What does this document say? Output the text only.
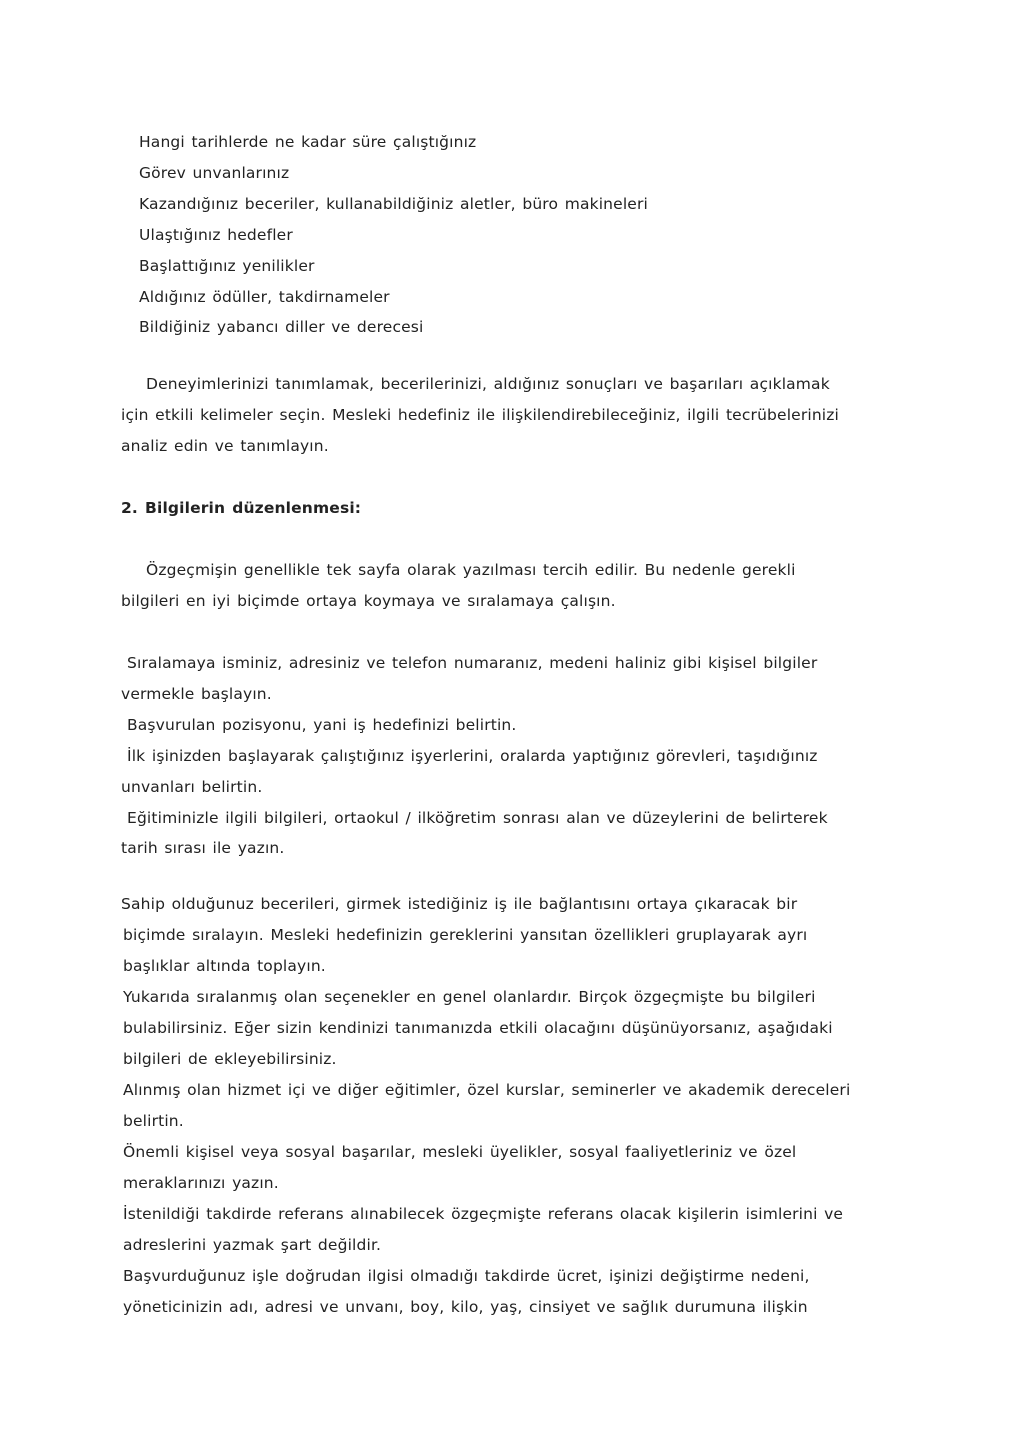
Hangi tarihlerde ne kadar süre çalıştığınız
Görev unvanlarınız
Kazandığınız beceriler, kullanabildiğiniz aletler, büro makineleri
Ulaştığınız hedefler
Başlattığınız yenilikler
Aldığınız ödüller, takdirnameler
Bildiğiniz yabancı diller ve derecesi
Deneyimlerinizi tanımlamak, becerilerinizi, aldığınız sonuçları ve başarıları açıklamak
için etkili kelimeler seçin. Mesleki hedefiniz ile ilişkilendirebileceğiniz, ilgili tecrübelerinizi
analiz edin ve tanımlayın.
2. Bilgilerin düzenlenmesi:
Özgeçmişin genellikle tek sayfa olarak yazılması tercih edilir. Bu nedenle gerekli
bilgileri en iyi biçimde ortaya koymaya ve sıralamaya çalışın.
Sıralamaya isminiz, adresiniz ve telefon numaranız, medeni haliniz gibi kişisel bilgiler
vermekle başlayın.
Başvurulan pozisyonu, yani iş hedefinizi belirtin.
İlk işinizden başlayarak çalıştığınız işyerlerini, oralarda yaptığınız görevleri, taşıdığınız
unvanları belirtin.
Eğitiminizle ilgili bilgileri, ortaokul / ilköğretim sonrası alan ve düzeylerini de belirterek
tarih sırası ile yazın.
Sahip olduğunuz becerileri, girmek istediğiniz iş ile bağlantısını ortaya çıkaracak bir
biçimde sıralayın. Mesleki hedefinizin gereklerini yansıtan özellikleri gruplayarak ayrı
başlıklar altında toplayın.
Yukarıda sıralanmış olan seçenekler en genel olanlardır. Birçok özgeçmişte bu bilgileri
bulabilirsiniz. Eğer sizin kendinizi tanımanızda etkili olacağını düşünüyorsanız, aşağıdaki
bilgileri de ekleyebilirsiniz.
Alınmış olan hizmet içi ve diğer eğitimler, özel kurslar, seminerler ve akademik dereceleri
belirtin.
Önemli kişisel veya sosyal başarılar, mesleki üyelikler, sosyal faaliyetleriniz ve özel
meraklarınızı yazın.
İstenildiği takdirde referans alınabilecek özgeçmişte referans olacak kişilerin isimlerini ve
adreslerini yazmak şart değildir.
Başvurduğunuz işle doğrudan ilgisi olmadığı takdirde ücret, işinizi değiştirme nedeni,
yöneticinizin adı, adresi ve unvanı, boy, kilo, yaş, cinsiyet ve sağlık durumuna ilişkin
